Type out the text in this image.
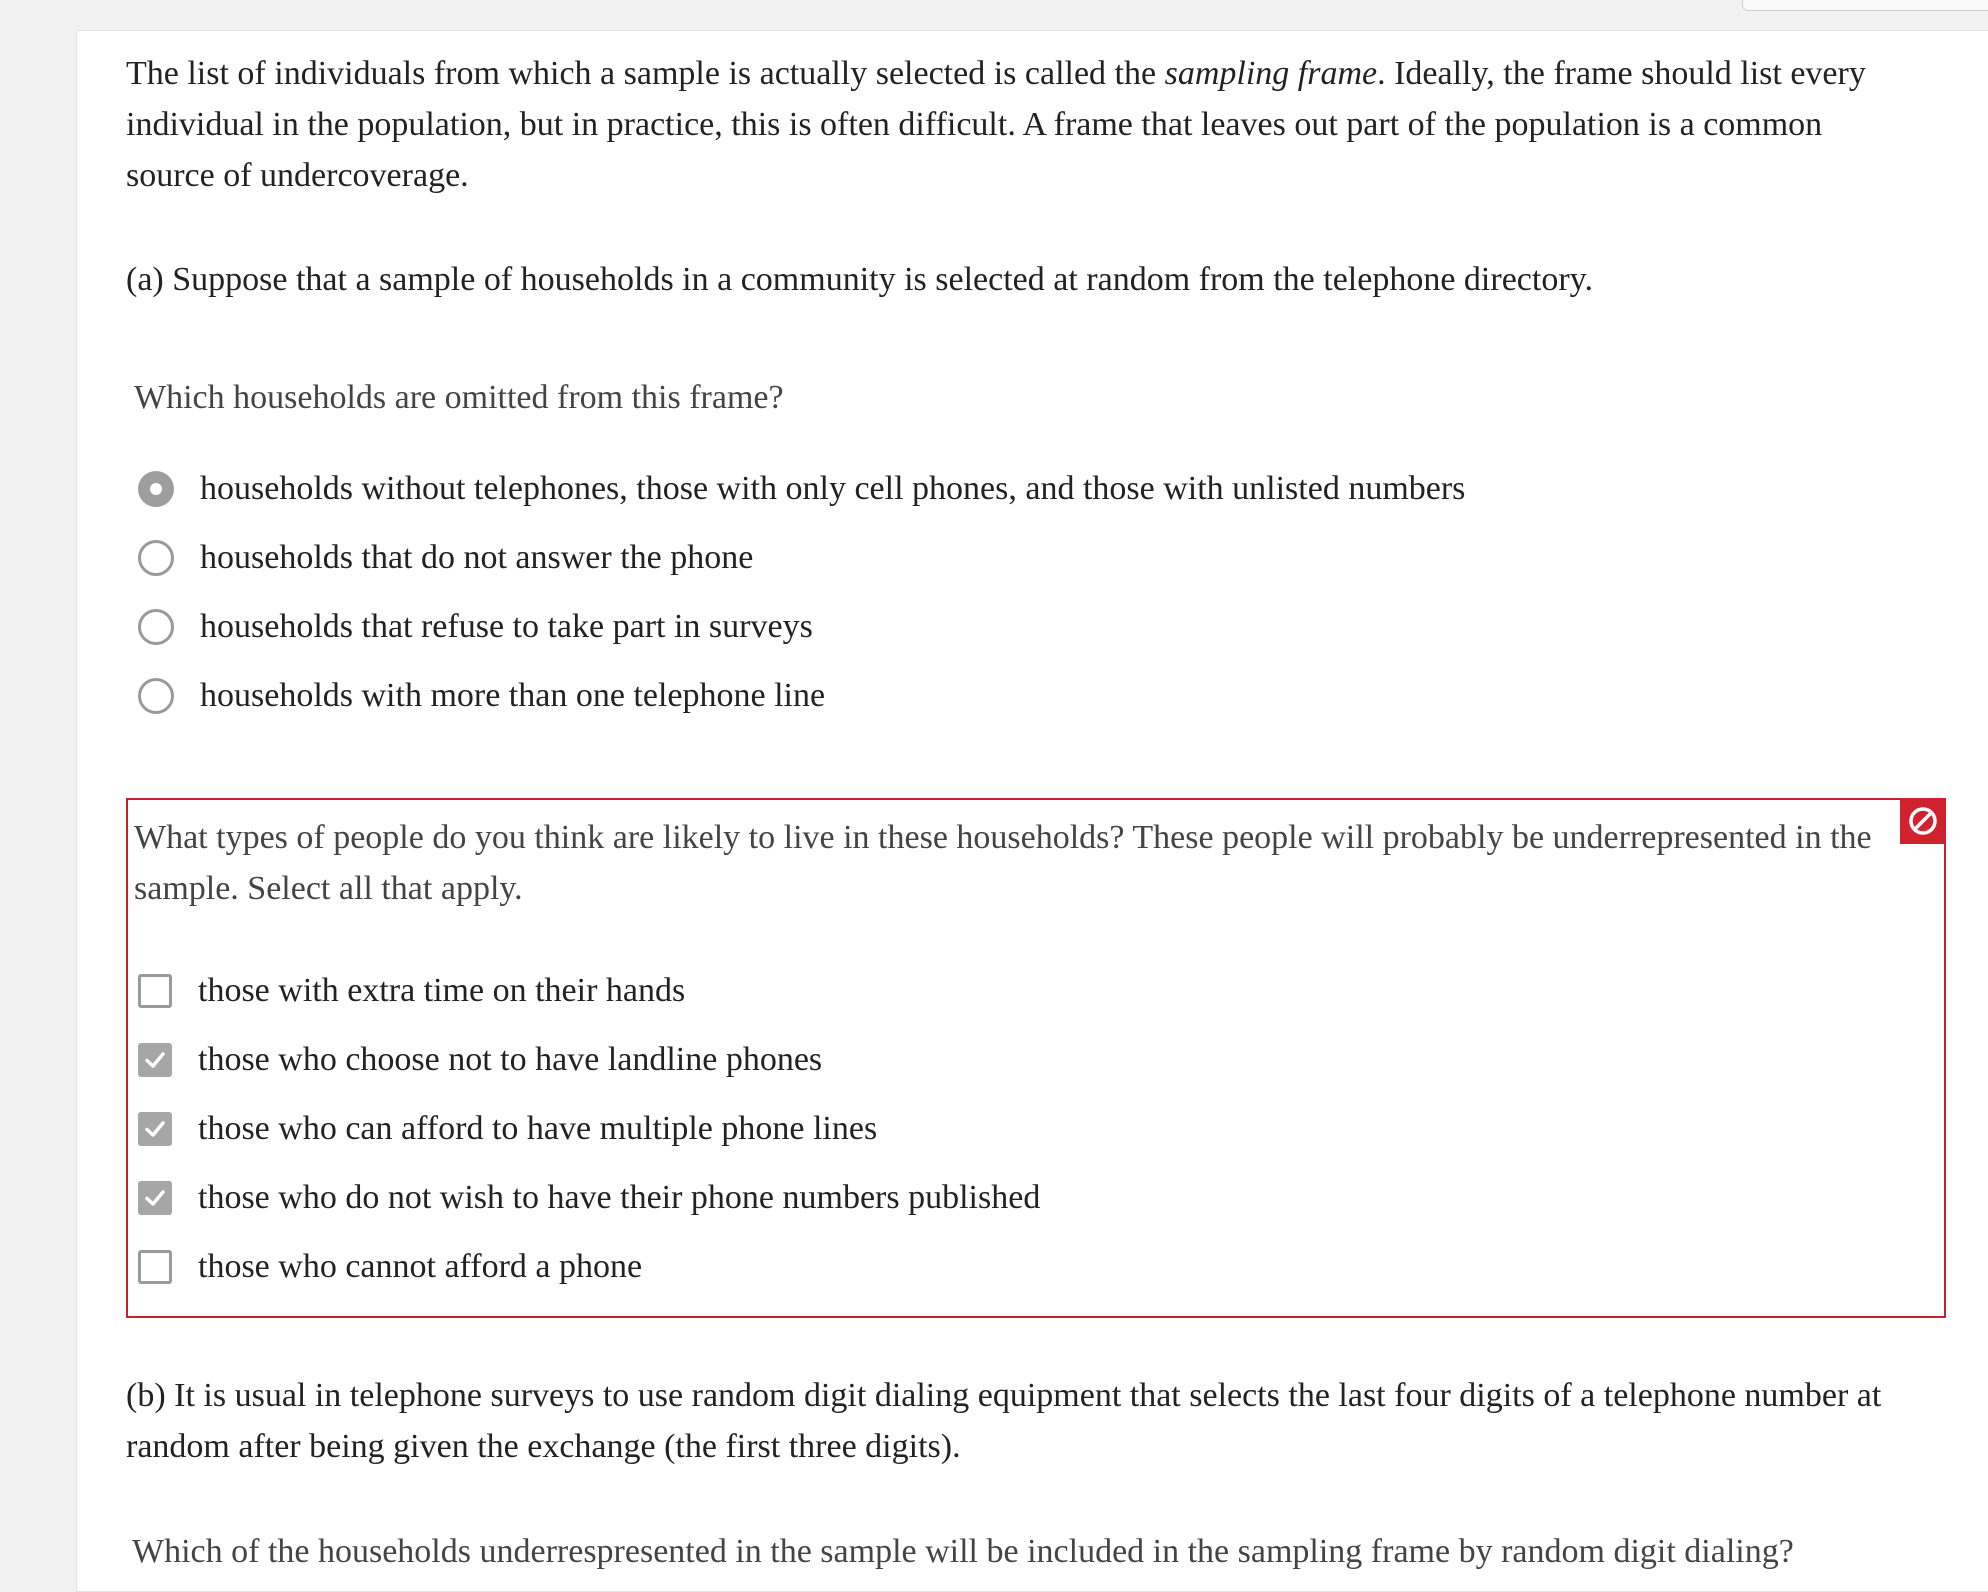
The list of individuals from which a sample is actually selected is called the sampling frame. Ideally, the frame should list every individual in the population, but in practice, this is often difficult. A frame that leaves out part of the population is a common source of undercoverage.

(a) Suppose that a sample of households in a community is selected at random from the telephone directory.

Which households are omitted from this frame?
households without telephones, those with only cell phones, and those with unlisted numbers
households that do not answer the phone
households that refuse to take part in surveys
households with more than one telephone line
What types of people do you think are likely to live in these households? These people will probably be underrepresented in the sample. Select all that apply.
those with extra time on their hands
those who choose not to have landline phones
those who can afford to have multiple phone lines
those who do not wish to have their phone numbers published
those who cannot afford a phone

(b) It is usual in telephone surveys to use random digit dialing equipment that selects the last four digits of a telephone number at random after being given the exchange (the first three digits).

Which of the households underrespresented in the sample will be included in the sampling frame by random digit dialing?
